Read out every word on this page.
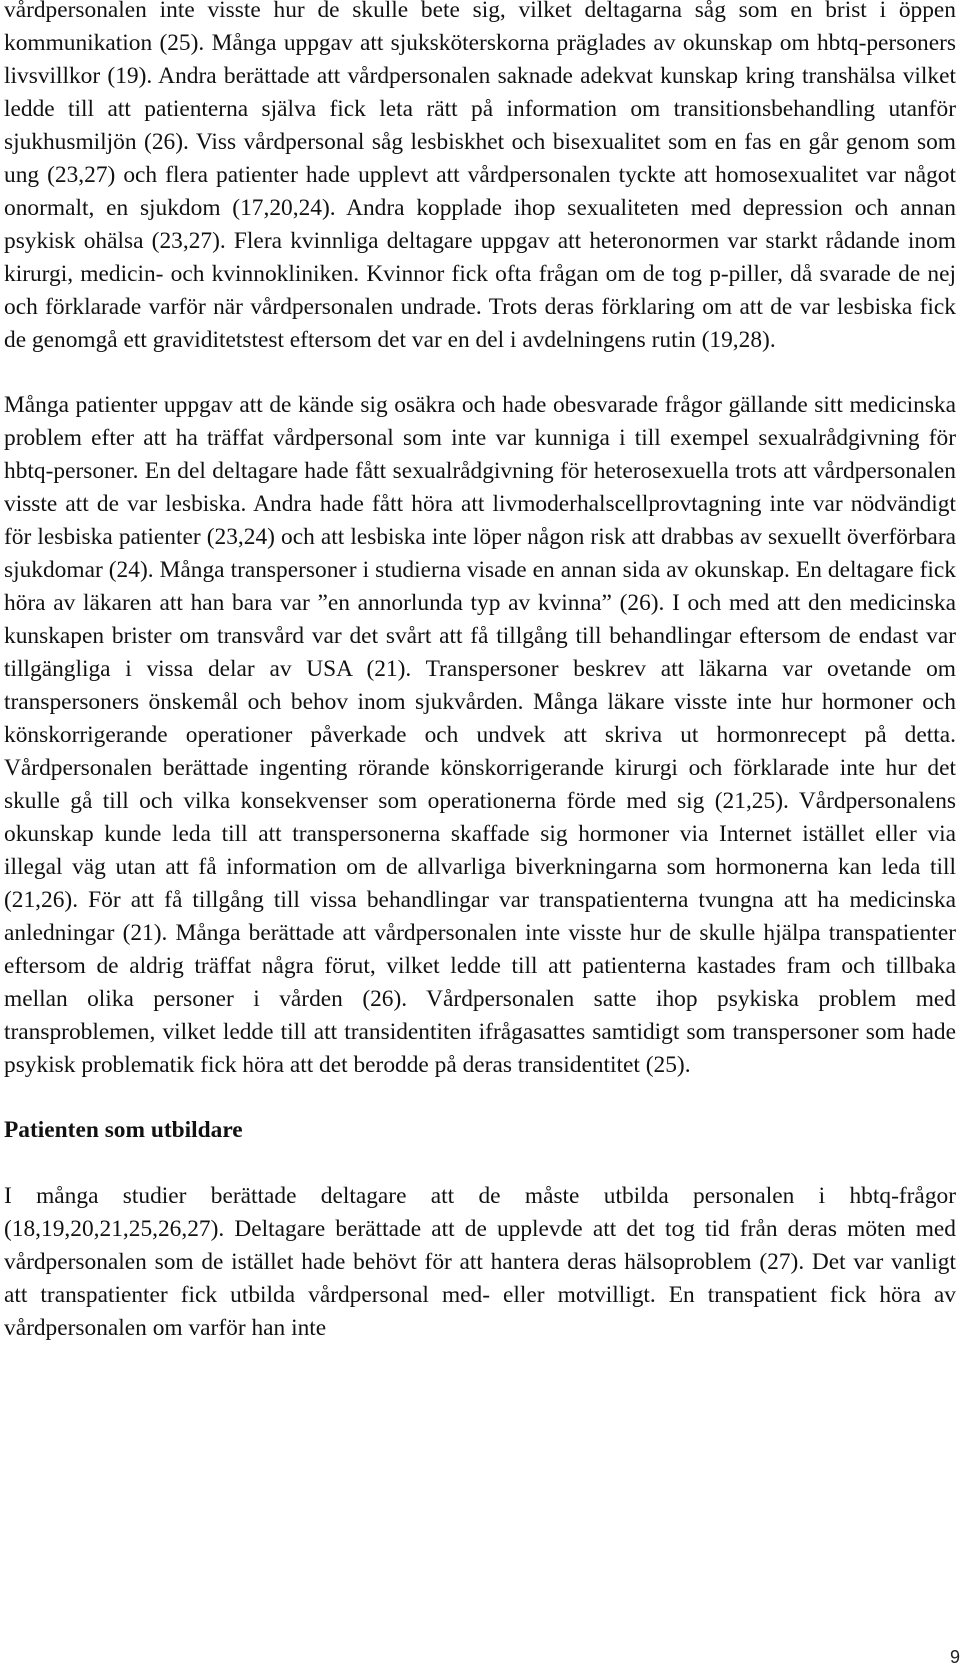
vårdpersonalen inte visste hur de skulle bete sig, vilket deltagarna såg som en brist i öppen kommunikation (25). Många uppgav att sjuksköterskorna präglades av okunskap om hbtq-personers livsvillkor (19). Andra berättade att vårdpersonalen saknade adekvat kunskap kring transhälsa vilket ledde till att patienterna själva fick leta rätt på information om transitionsbehandling utanför sjukhusmiljön (26). Viss vårdpersonal såg lesbiskhet och bisexualitet som en fas en går genom som ung (23,27) och flera patienter hade upplevt att vårdpersonalen tyckte att homosexualitet var något onormalt, en sjukdom (17,20,24). Andra kopplade ihop sexualiteten med depression och annan psykisk ohälsa (23,27). Flera kvinnliga deltagare uppgav att heteronormen var starkt rådande inom kirurgi, medicin- och kvinnokliniken. Kvinnor fick ofta frågan om de tog p-piller, då svarade de nej och förklarade varför när vårdpersonalen undrade. Trots deras förklaring om att de var lesbiska fick de genomgå ett graviditetstest eftersom det var en del i avdelningens rutin (19,28).

Många patienter uppgav att de kände sig osäkra och hade obesvarade frågor gällande sitt medicinska problem efter att ha träffat vårdpersonal som inte var kunniga i till exempel sexualrådgivning för hbtq-personer. En del deltagare hade fått sexualrådgivning för heterosexuella trots att vårdpersonalen visste att de var lesbiska. Andra hade fått höra att livmoderhalscellprovtagning inte var nödvändigt för lesbiska patienter (23,24) och att lesbiska inte löper någon risk att drabbas av sexuellt överförbara sjukdomar (24). Många transpersoner i studierna visade en annan sida av okunskap. En deltagare fick höra av läkaren att han bara var ”en annorlunda typ av kvinna” (26). I och med att den medicinska kunskapen brister om transvård var det svårt att få tillgång till behandlingar eftersom de endast var tillgängliga i vissa delar av USA (21). Transpersoner beskrev att läkarna var ovetande om transpersoners önskemål och behov inom sjukvården. Många läkare visste inte hur hormoner och könskorrigerande operationer påverkade och undvek att skriva ut hormonrecept på detta. Vårdpersonalen berättade ingenting rörande könskorrigerande kirurgi och förklarade inte hur det skulle gå till och vilka konsekvenser som operationerna förde med sig (21,25). Vårdpersonalens okunskap kunde leda till att transpersonerna skaffade sig hormoner via Internet istället eller via illegal väg utan att få information om de allvarliga biverkningarna som hormonerna kan leda till (21,26). För att få tillgång till vissa behandlingar var transpatienterna tvungna att ha medicinska anledningar (21). Många berättade att vårdpersonalen inte visste hur de skulle hjälpa transpatienter eftersom de aldrig träffat några förut, vilket ledde till att patienterna kastades fram och tillbaka mellan olika personer i vården (26). Vårdpersonalen satte ihop psykiska problem med transproblemen, vilket ledde till att transidentiten ifrågasattes samtidigt som transpersoner som hade psykisk problematik fick höra att det berodde på deras transidentitet (25).

Patienten som utbildare

I många studier berättade deltagare att de måste utbilda personalen i hbtq-frågor (18,19,20,21,25,26,27). Deltagare berättade att de upplevde att det tog tid från deras möten med vårdpersonalen som de istället hade behövt för att hantera deras hälsoproblem (27). Det var vanligt att transpatienter fick utbilda vårdpersonal med- eller motvilligt. En transpatient fick höra av vårdpersonalen om varför han inte

9
